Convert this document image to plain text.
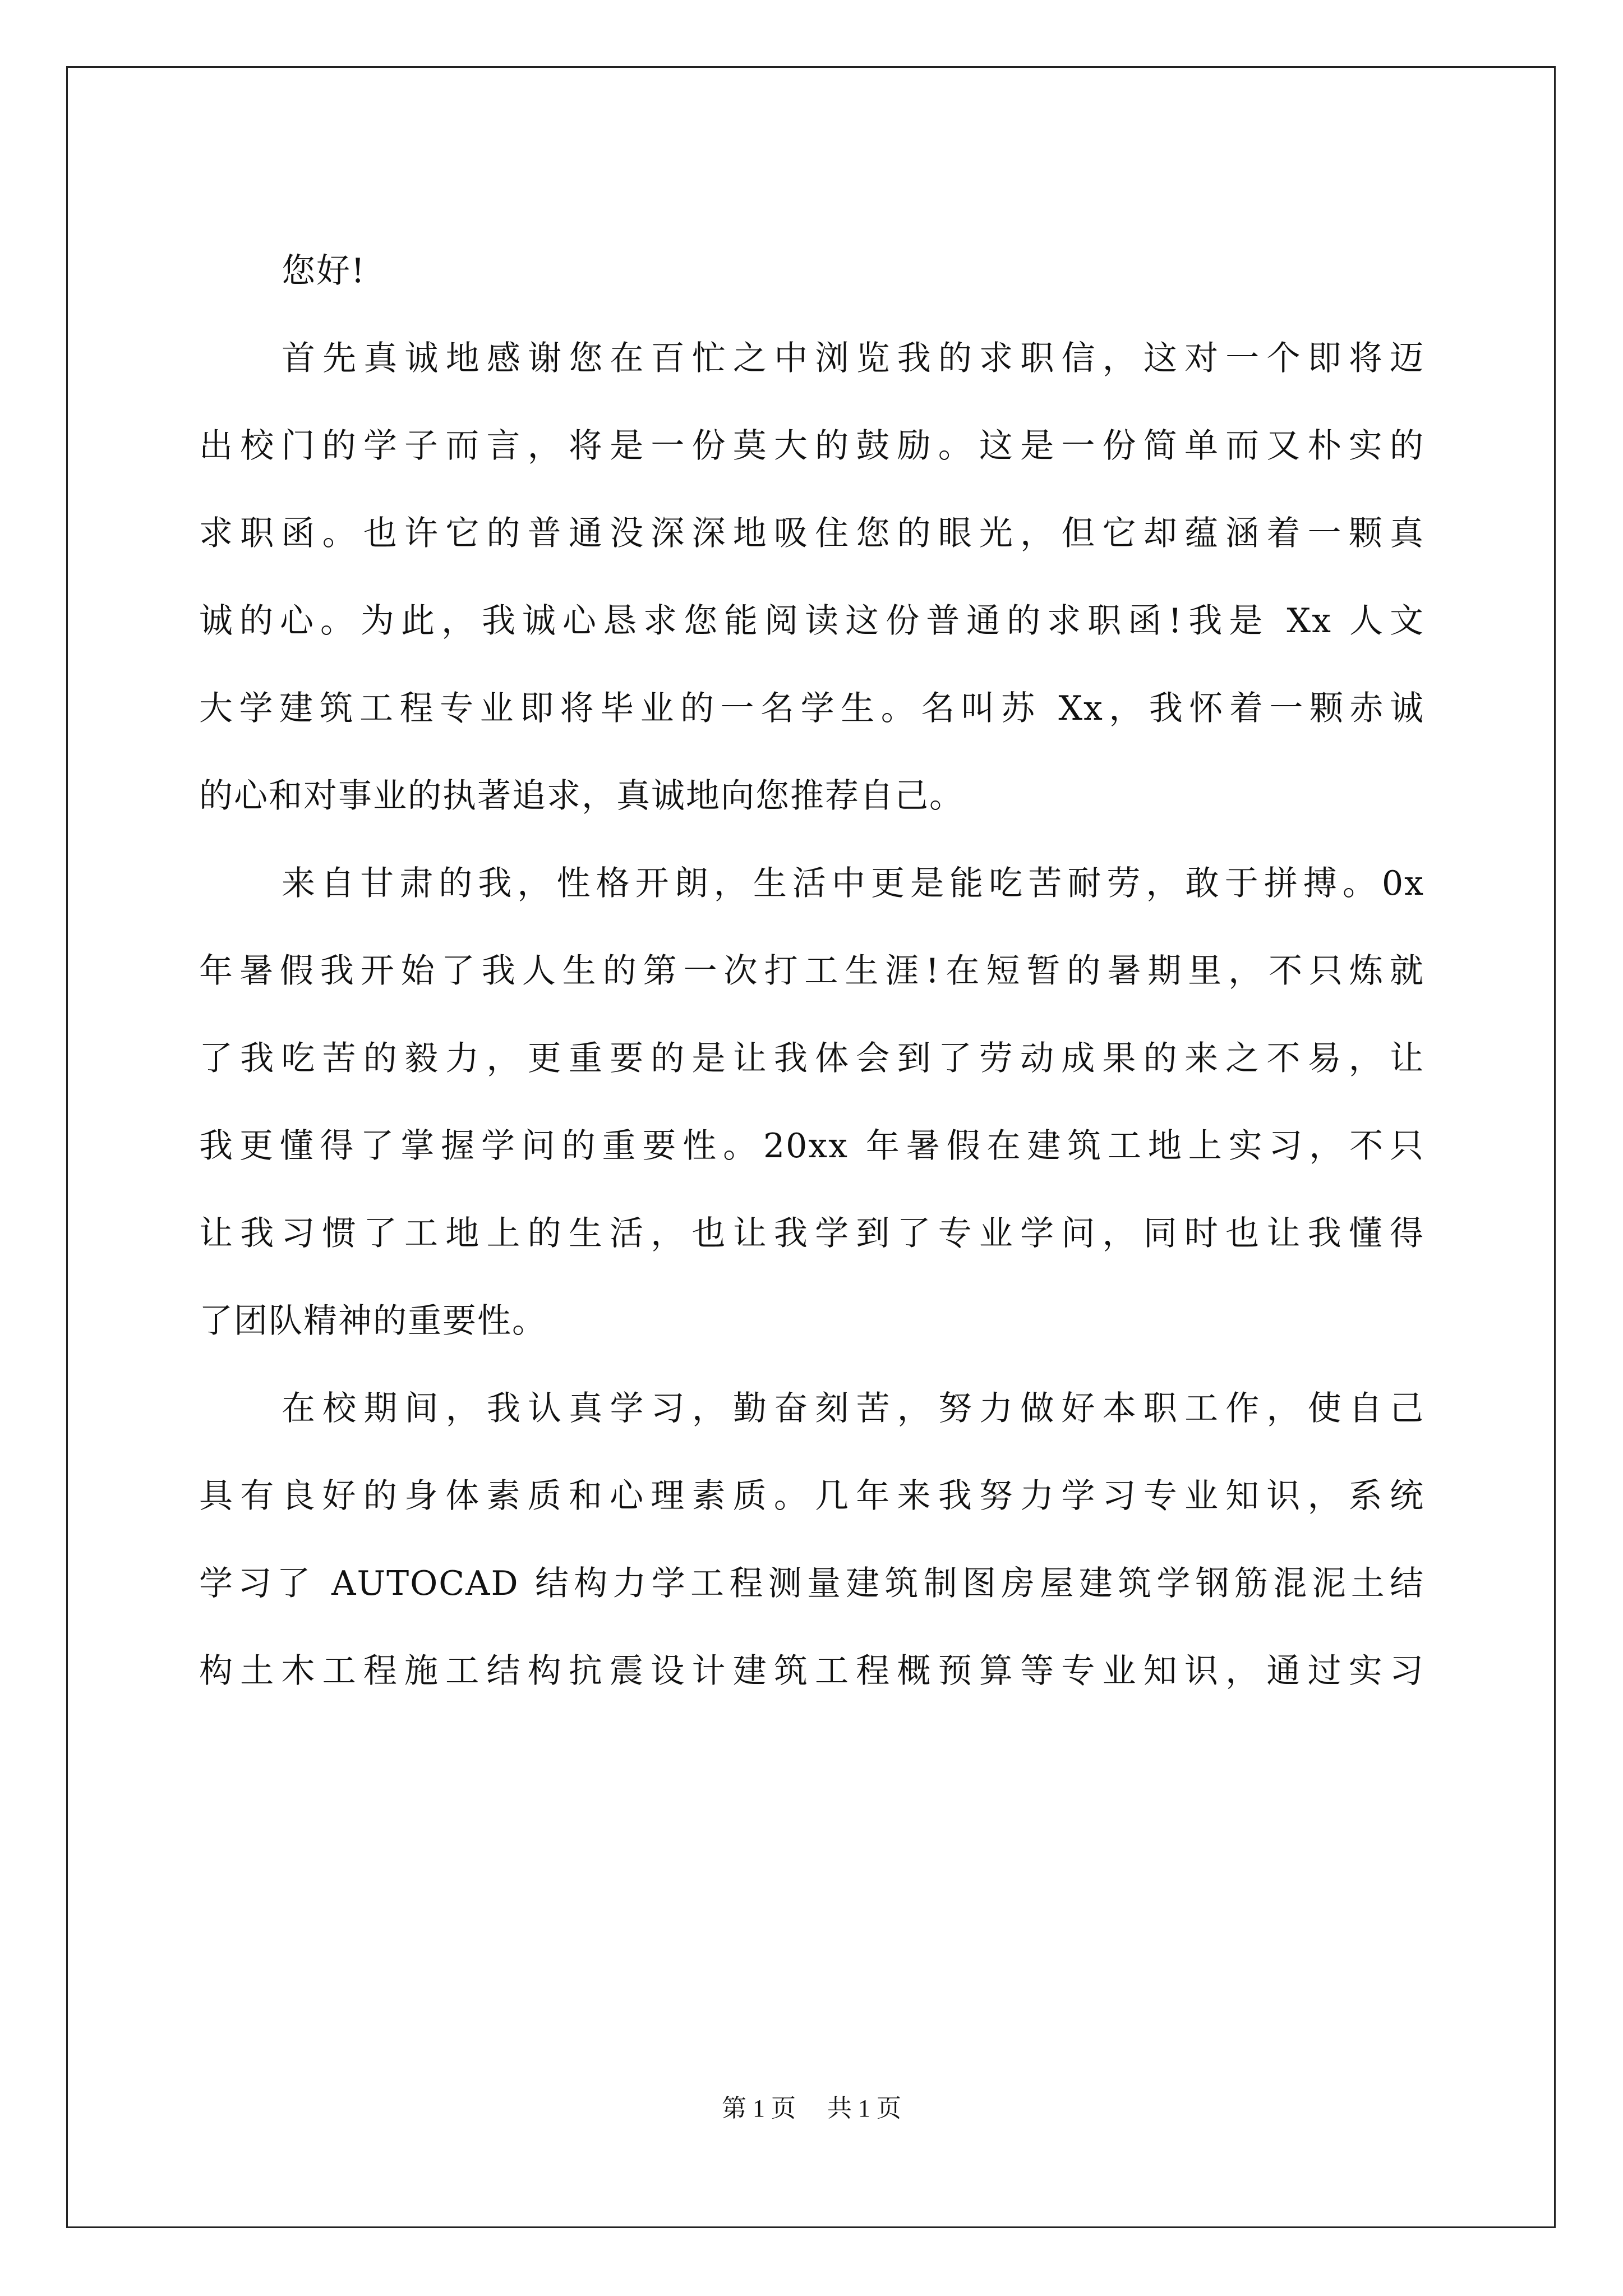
您好!
首先真诚地感谢您在百忙之中浏览我的求职信，这对一个即将迈
出校门的学子而言，将是一份莫大的鼓励。这是一份简单而又朴实的
求职函。也许它的普通没深深地吸住您的眼光，但它却蕴涵着一颗真
诚的心。为此，我诚心恳求您能阅读这份普通的求职函!我是 Xx 人文
大学建筑工程专业即将毕业的一名学生。名叫苏 Xx，我怀着一颗赤诚
的心和对事业的执著追求，真诚地向您推荐自己。
来自甘肃的我，性格开朗，生活中更是能吃苦耐劳，敢于拼搏。0x
年暑假我开始了我人生的第一次打工生涯!在短暂的暑期里，不只炼就
了我吃苦的毅力，更重要的是让我体会到了劳动成果的来之不易，让
我更懂得了掌握学问的重要性。20xx 年暑假在建筑工地上实习，不只
让我习惯了工地上的生活，也让我学到了专业学问，同时也让我懂得
了团队精神的重要性。
在校期间，我认真学习，勤奋刻苦，努力做好本职工作，使自己
具有良好的身体素质和心理素质。几年来我努力学习专业知识，系统
学习了 AUTOCAD 结构力学工程测量建筑制图房屋建筑学钢筋混泥土结
构土木工程施工结构抗震设计建筑工程概预算等专业知识，通过实习
第 1 页 共 1 页
